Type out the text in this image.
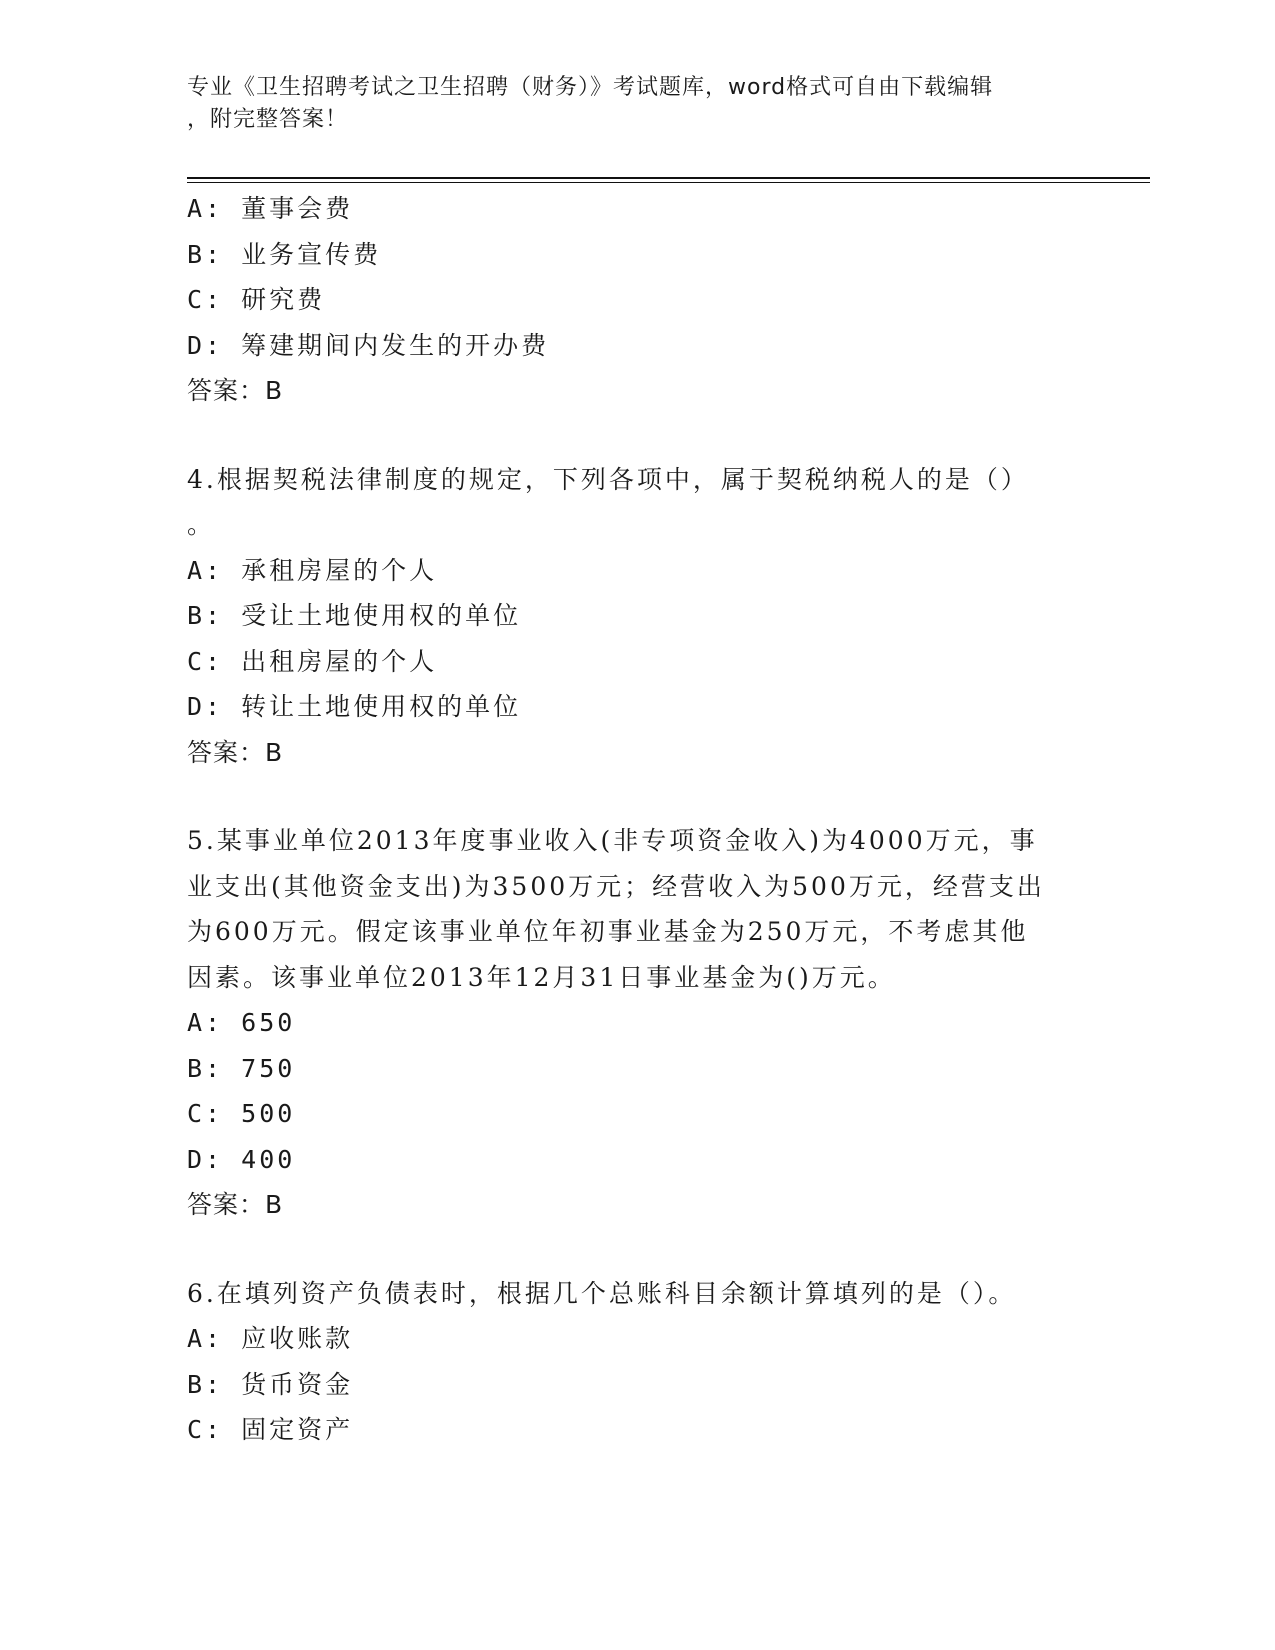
专业《卫生招聘考试之卫生招聘（财务）》考试题库，word格式可自由下载编辑
，附完整答案！
A: 董事会费
B: 业务宣传费
C: 研究费
D: 筹建期间内发生的开办费
答案：B
4.根据契税法律制度的规定，下列各项中，属于契税纳税人的是（）
。
A: 承租房屋的个人
B: 受让土地使用权的单位
C: 出租房屋的个人
D: 转让土地使用权的单位
答案：B
5.某事业单位2013年度事业收入(非专项资金收入)为4000万元，事
业支出(其他资金支出)为3500万元；经营收入为500万元，经营支出
为600万元。假定该事业单位年初事业基金为250万元，不考虑其他
因素。该事业单位2013年12月31日事业基金为()万元。
A: 650
B: 750
C: 500
D: 400
答案：B
6.在填列资产负债表时，根据几个总账科目余额计算填列的是（）。
A: 应收账款
B: 货币资金
C: 固定资产
